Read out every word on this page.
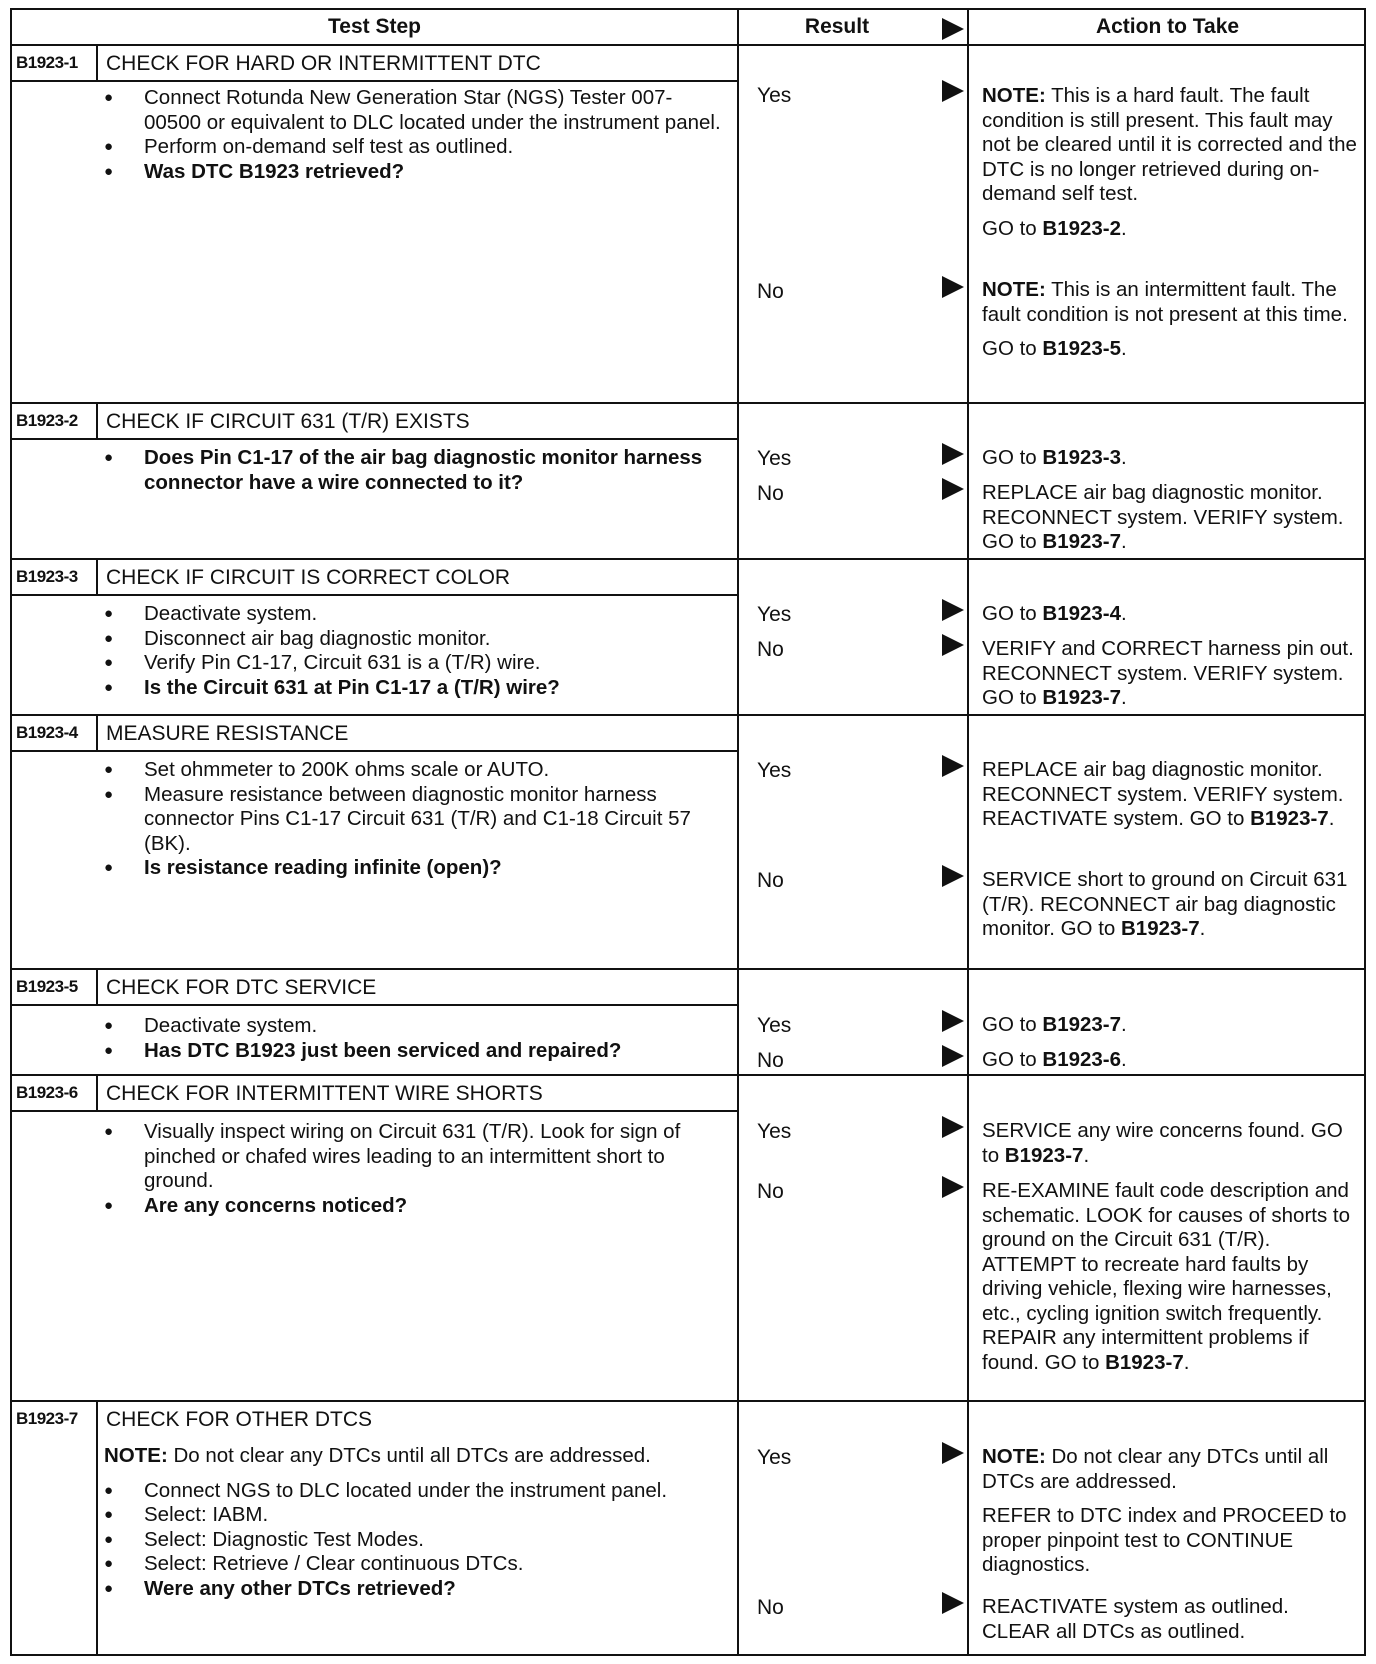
Test Step	Result	Action to Take
B1923-1	CHECK FOR HARD OR INTERMITTENT DTC
● Connect Rotunda New Generation Star (NGS) Tester 007-00500 or equivalent to DLC located under the instrument panel.
● Perform on-demand self test as outlined.
● Was DTC B1923 retrieved?
Yes	NOTE: This is a hard fault. The fault condition is still present. This fault may not be cleared until it is corrected and the DTC is no longer retrieved during on-demand self test.

GO to B1923-2.

No	NOTE: This is an intermittent fault. The fault condition is not present at this time.

GO to B1923-5.

B1923-2	CHECK IF CIRCUIT 631 (T/R) EXISTS
● Does Pin C1-17 of the air bag diagnostic monitor harness connector have a wire connected to it?
Yes	GO to B1923-3.
No	REPLACE air bag diagnostic monitor. RECONNECT system. VERIFY system. GO to B1923-7.
B1923-3	CHECK IF CIRCUIT IS CORRECT COLOR
● Deactivate system.
● Disconnect air bag diagnostic monitor.
● Verify Pin C1-17, Circuit 631 is a (T/R) wire.
● Is the Circuit 631 at Pin C1-17 a (T/R) wire?
Yes	GO to B1923-4.
No	VERIFY and CORRECT harness pin out. RECONNECT system. VERIFY system. GO to B1923-7.
B1923-4	MEASURE RESISTANCE
● Set ohmmeter to 200K ohms scale or AUTO.
● Measure resistance between diagnostic monitor harness connector Pins C1-17 Circuit 631 (T/R) and C1-18 Circuit 57 (BK).
● Is resistance reading infinite (open)?
Yes	REPLACE air bag diagnostic monitor. RECONNECT system. VERIFY system. REACTIVATE system. GO to B1923-7.
No	SERVICE short to ground on Circuit 631 (T/R). RECONNECT air bag diagnostic monitor. GO to B1923-7.
B1923-5	CHECK FOR DTC SERVICE
● Deactivate system.
● Has DTC B1923 just been serviced and repaired?
Yes	GO to B1923-7.
No	GO to B1923-6.
B1923-6	CHECK FOR INTERMITTENT WIRE SHORTS
● Visually inspect wiring on Circuit 631 (T/R). Look for sign of pinched or chafed wires leading to an intermittent short to ground.
● Are any concerns noticed?
Yes	SERVICE any wire concerns found. GO to B1923-7.
No	RE-EXAMINE fault code description and schematic. LOOK for causes of shorts to ground on the Circuit 631 (T/R). ATTEMPT to recreate hard faults by driving vehicle, flexing wire harnesses, etc., cycling ignition switch frequently. REPAIR any intermittent problems if found. GO to B1923-7.
B1923-7	CHECK FOR OTHER DTCS
NOTE: Do not clear any DTCs until all DTCs are addressed.
● Connect NGS to DLC located under the instrument panel.
● Select: IABM.
● Select: Diagnostic Test Modes.
● Select: Retrieve / Clear continuous DTCs.
● Were any other DTCs retrieved?
Yes	NOTE: Do not clear any DTCs until all DTCs are addressed.

REFER to DTC index and PROCEED to proper pinpoint test to CONTINUE diagnostics.

No	REACTIVATE system as outlined. CLEAR all DTCs as outlined.
